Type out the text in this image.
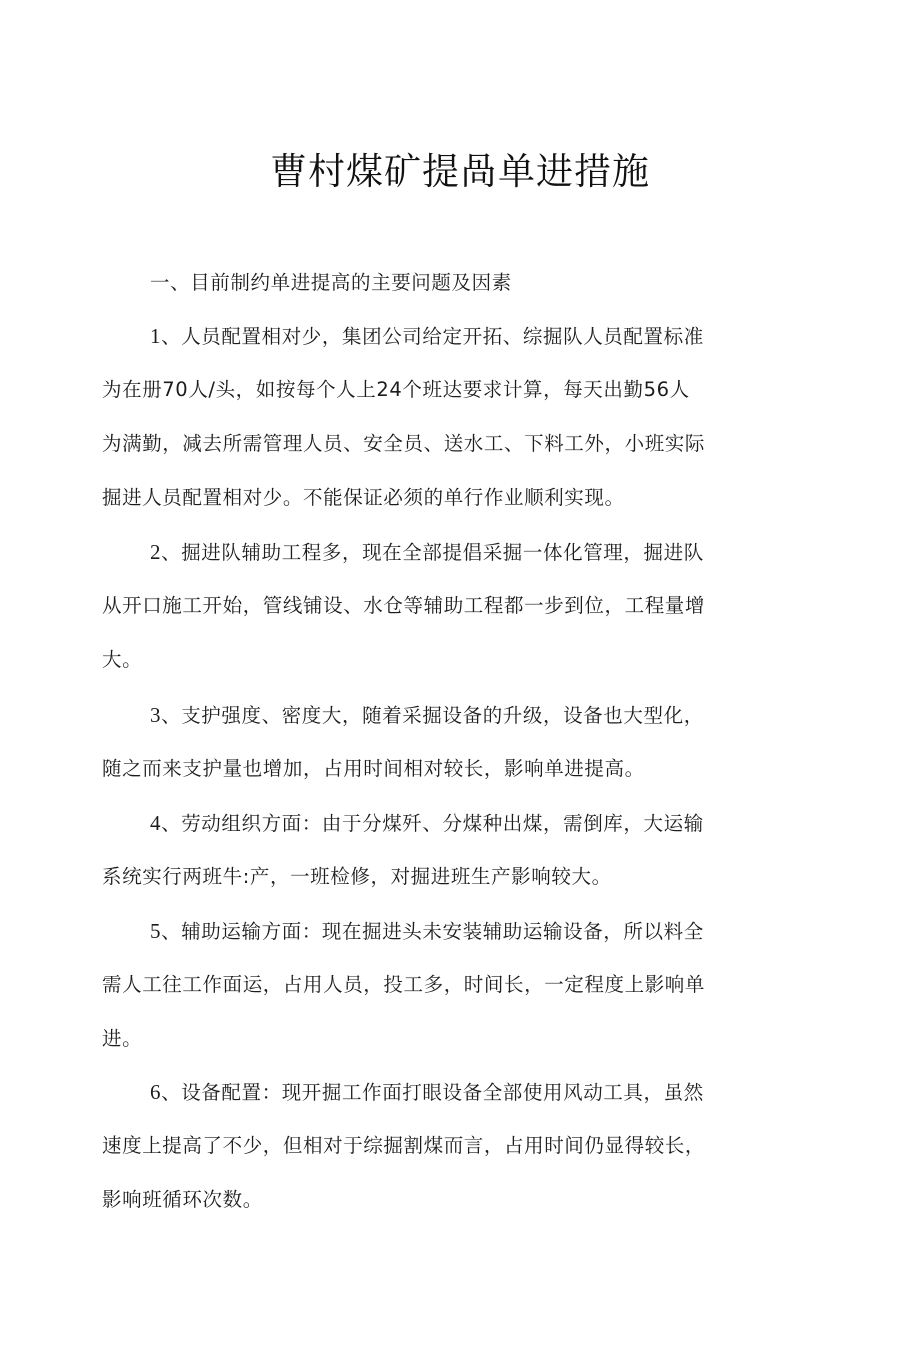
曹村煤矿提咼单进措施
一、目前制约单进提高的主要问题及因素
1、人员配置相对少，集团公司给定开拓、综掘队人员配置标准
为在册70人/头，如按每个人上24个班达要求计算，每天出勤56人
为满勤，减去所需管理人员、安全员、送水工、下料工外，小班实际
掘进人员配置相对少。不能保证必须的单行作业顺利实现。
2、掘进队辅助工程多，现在全部提倡采掘一体化管理，掘进队
从开口施工开始，管线铺设、水仓等辅助工程都一步到位，工程量增
大。
3、支护强度、密度大，随着采掘设备的升级，设备也大型化，
随之而来支护量也增加，占用时间相对较长，影响单进提高。
4、劳动组织方面：由于分煤歼、分煤种出煤，需倒库，大运输
系统实行两班牛:产，一班检修，对掘进班生产影响较大。
5、辅助运输方面：现在掘进头未安装辅助运输设备，所以料全
需人工往工作面运，占用人员，投工多，时间长，一定程度上影响单
进。
6、设备配置：现开掘工作面打眼设备全部使用风动工具，虽然
速度上提高了不少，但相对于综掘割煤而言，占用时间仍显得较长，
影响班循环次数。
